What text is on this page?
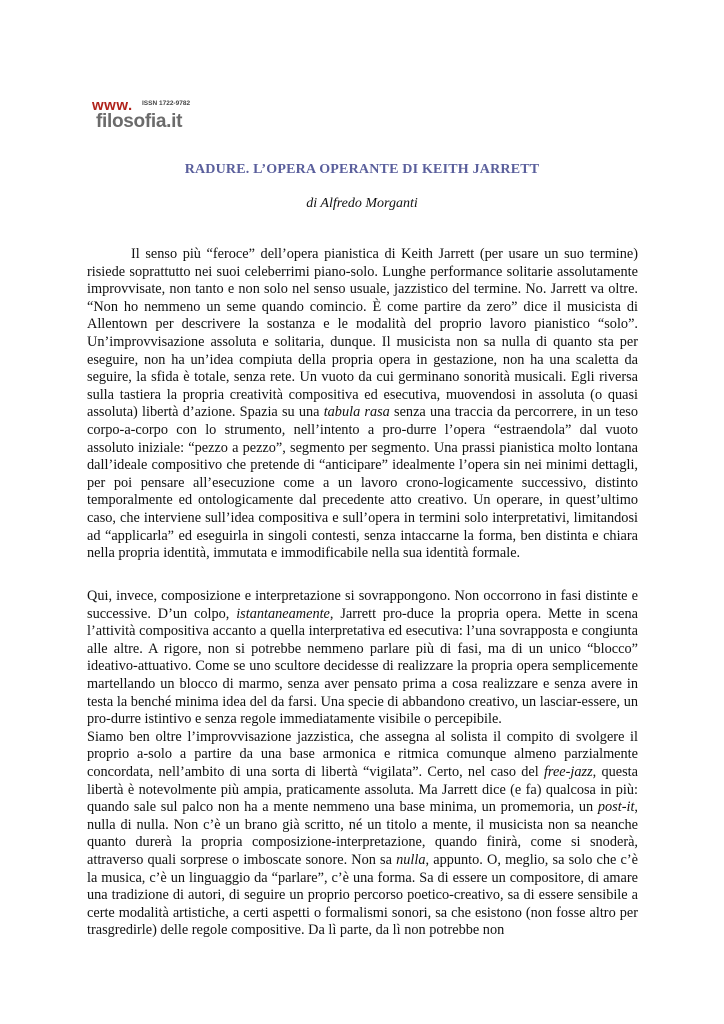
www. ISSN 1722-9782
filosofia.it
RADURE. L’OPERA OPERANTE DI KEITH JARRETT
di Alfredo Morganti

Il senso più “feroce” dell’opera pianistica di Keith Jarrett (per usare un suo termine) risiede soprattutto nei suoi celeberrimi piano-solo. Lunghe performance solitarie assolutamente improvvisate, non tanto e non solo nel senso usuale, jazzistico del termine. No. Jarrett va oltre. “Non ho nemmeno un seme quando comincio. È come partire da zero” dice il musicista di Allentown per descrivere la sostanza e le modalità del proprio lavoro pianistico “solo”. Un’improvvisazione assoluta e solitaria, dunque. Il musicista non sa nulla di quanto sta per eseguire, non ha un’idea compiuta della propria opera in gestazione, non ha una scaletta da seguire, la sfida è totale, senza rete. Un vuoto da cui germinano sonorità musicali. Egli riversa sulla tastiera la propria creatività compositiva ed esecutiva, muovendosi in assoluta (o quasi assoluta) libertà d’azione. Spazia su una tabula rasa senza una traccia da percorrere, in un teso corpo-a-corpo con lo strumento, nell’intento a pro-durre l’opera “estraendola” dal vuoto assoluto iniziale: “pezzo a pezzo”, segmento per segmento. Una prassi pianistica molto lontana dall’ideale compositivo che pretende di “anticipare” idealmente l’opera sin nei minimi dettagli, per poi pensare all’esecuzione come a un lavoro crono-logicamente successivo, distinto temporalmente ed ontologicamente dal precedente atto creativo. Un operare, in quest’ultimo caso, che interviene sull’idea compositiva e sull’opera in termini solo interpretativi, limitandosi ad “applicarla” ed eseguirla in singoli contesti, senza intaccarne la forma, ben distinta e chiara nella propria identità, immutata e immodificabile nella sua identità formale.

Qui, invece, composizione e interpretazione si sovrappongono. Non occorrono in fasi distinte e successive. D’un colpo, istantaneamente, Jarrett pro-duce la propria opera. Mette in scena l’attività compositiva accanto a quella interpretativa ed esecutiva: l’una sovrapposta e congiunta alle altre. A rigore, non si potrebbe nemmeno parlare più di fasi, ma di un unico “blocco” ideativo-attuativo. Come se uno scultore decidesse di realizzare la propria opera semplicemente martellando un blocco di marmo, senza aver pensato prima a cosa realizzare e senza avere in testa la benché minima idea del da farsi. Una specie di abbandono creativo, un lasciar-essere, un pro-durre istintivo e senza regole immediatamente visibile o percepibile.
Siamo ben oltre l’improvvisazione jazzistica, che assegna al solista il compito di svolgere il proprio a-solo a partire da una base armonica e ritmica comunque almeno parzialmente concordata, nell’ambito di una sorta di libertà “vigilata”. Certo, nel caso del free-jazz, questa libertà è notevolmente più ampia, praticamente assoluta. Ma Jarrett dice (e fa) qualcosa in più: quando sale sul palco non ha a mente nemmeno una base minima, un promemoria, un post-it, nulla di nulla. Non c’è un brano già scritto, né un titolo a mente, il musicista non sa neanche quanto durerà la propria composizione-interpretazione, quando finirà, come si snoderà, attraverso quali sorprese o imboscate sonore. Non sa nulla, appunto. O, meglio, sa solo che c’è la musica, c’è un linguaggio da “parlare”, c’è una forma. Sa di essere un compositore, di amare una tradizione di autori, di seguire un proprio percorso poetico-creativo, sa di essere sensibile a certe modalità artistiche, a certi aspetti o formalismi sonori, sa che esistono (non fosse altro per trasgredirle) delle regole compositive. Da lì parte, da lì non potrebbe non
